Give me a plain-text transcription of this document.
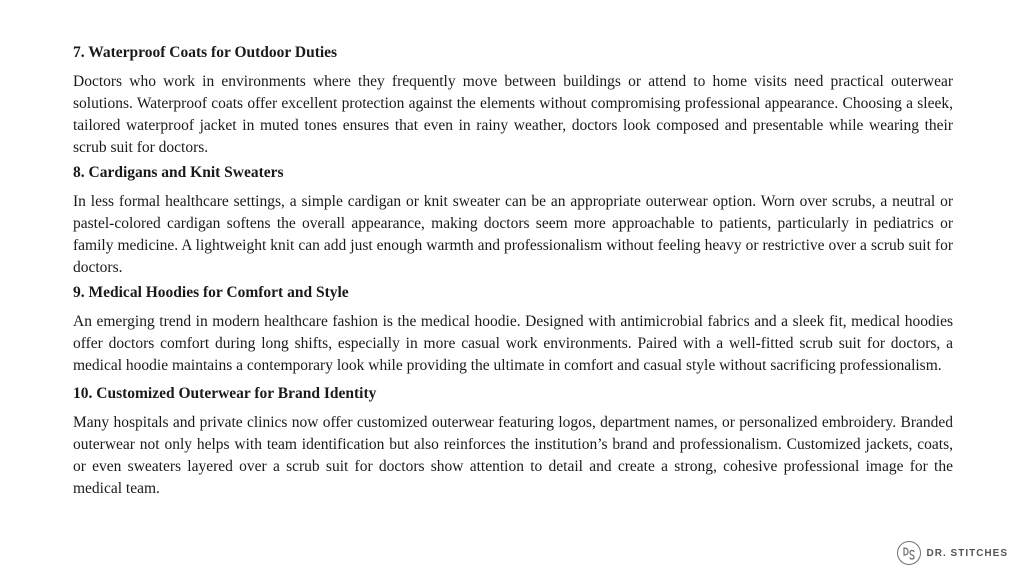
7. Waterproof Coats for Outdoor Duties

Doctors who work in environments where they frequently move between buildings or attend to home visits need practical outerwear solutions. Waterproof coats offer excellent protection against the elements without compromising professional appearance. Choosing a sleek, tailored waterproof jacket in muted tones ensures that even in rainy weather, doctors look composed and presentable while wearing their scrub suit for doctors.

8. Cardigans and Knit Sweaters

In less formal healthcare settings, a simple cardigan or knit sweater can be an appropriate outerwear option. Worn over scrubs, a neutral or pastel-colored cardigan softens the overall appearance, making doctors seem more approachable to patients, particularly in pediatrics or family medicine. A lightweight knit can add just enough warmth and professionalism without feeling heavy or restrictive over a scrub suit for doctors.

9. Medical Hoodies for Comfort and Style

An emerging trend in modern healthcare fashion is the medical hoodie. Designed with antimicrobial fabrics and a sleek fit, medical hoodies offer doctors comfort during long shifts, especially in more casual work environments. Paired with a well-fitted scrub suit for doctors, a medical hoodie maintains a contemporary look while providing the ultimate in comfort and casual style without sacrificing professionalism.

10. Customized Outerwear for Brand Identity

Many hospitals and private clinics now offer customized outerwear featuring logos, department names, or personalized embroidery. Branded outerwear not only helps with team identification but also reinforces the institution’s brand and professionalism. Customized jackets, coats, or even sweaters layered over a scrub suit for doctors show attention to detail and create a strong, cohesive professional image for the medical team.

DR. STITCHES
